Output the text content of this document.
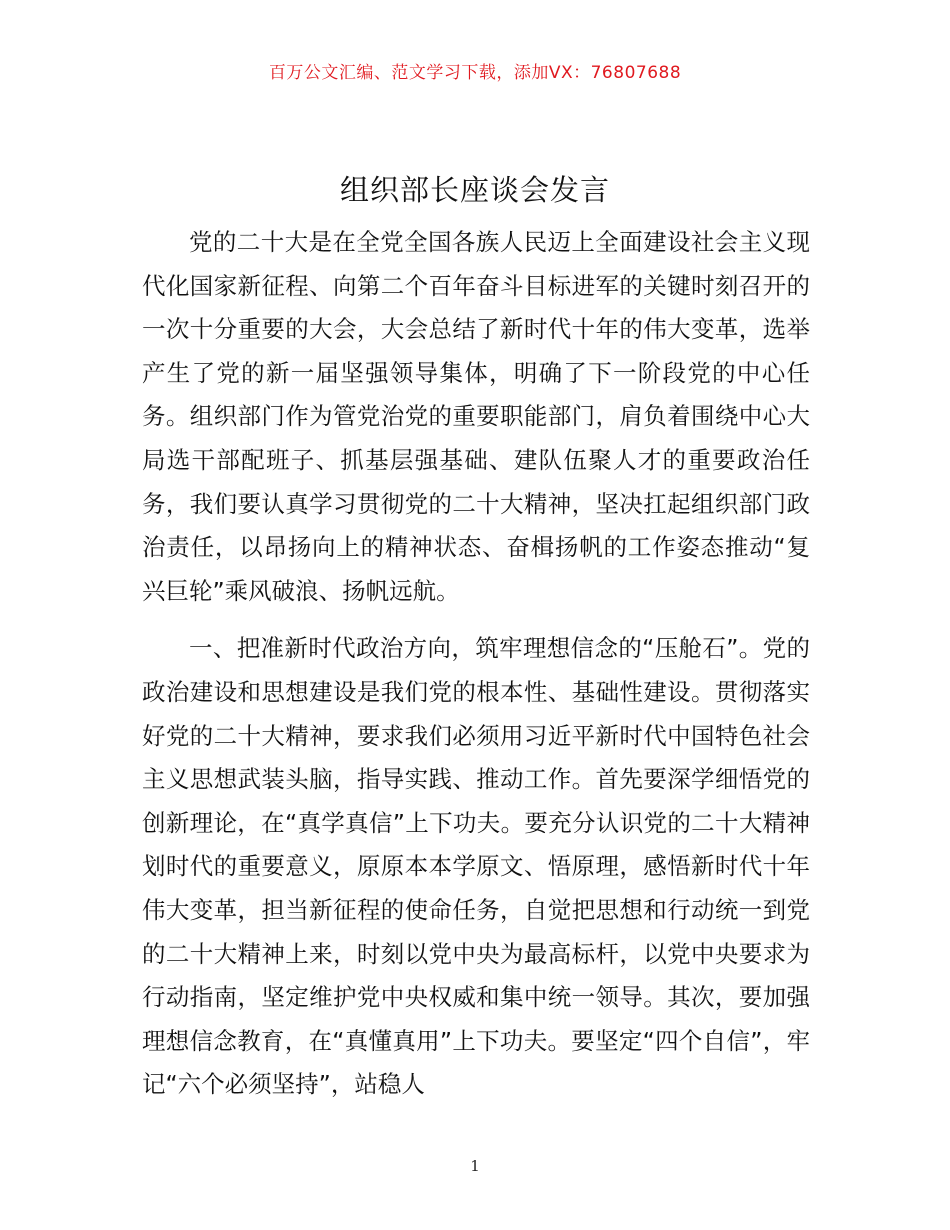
百万公文汇编、范文学习下载，添加VX：76807688
组织部长座谈会发言

党的二十大是在全党全国各族人民迈上全面建设社会主义现代化国家新征程、向第二个百年奋斗目标进军的关键时刻召开的一次十分重要的大会，大会总结了新时代十年的伟大变革，选举产生了党的新一届坚强领导集体，明确了下一阶段党的中心任务。组织部门作为管党治党的重要职能部门，肩负着围绕中心大局选干部配班子、抓基层强基础、建队伍聚人才的重要政治任务，我们要认真学习贯彻党的二十大精神，坚决扛起组织部门政治责任，以昂扬向上的精神状态、奋楫扬帆的工作姿态推动“复兴巨轮”乘风破浪、扬帆远航。

一、把准新时代政治方向，筑牢理想信念的“压舱石”。党的政治建设和思想建设是我们党的根本性、基础性建设。贯彻落实好党的二十大精神，要求我们必须用习近平新时代中国特色社会主义思想武装头脑，指导实践、推动工作。首先要深学细悟党的创新理论，在“真学真信”上下功夫。要充分认识党的二十大精神划时代的重要意义，原原本本学原文、悟原理，感悟新时代十年伟大变革，担当新征程的使命任务，自觉把思想和行动统一到党的二十大精神上来，时刻以党中央为最高标杆，以党中央要求为行动指南，坚定维护党中央权威和集中统一领导。其次，要加强理想信念教育，在“真懂真用”上下功夫。要坚定“四个自信”，牢记“六个必须坚持”，站稳人

1
